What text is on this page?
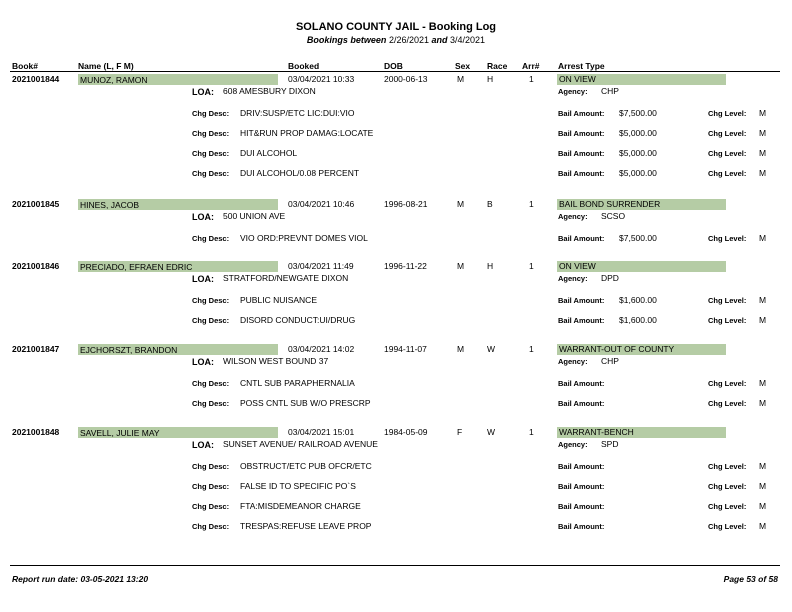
SOLANO COUNTY JAIL - Booking Log
Bookings between 2/26/2021 and 3/4/2021
Book#	Name (L, F M)	Booked	DOB	Sex Race Arr# Arrest Type
2021001844 MUNOZ, RAMON	03/04/2021 10:33	2000-06-13	M	H	1	ON VIEW
LOA: 608 AMESBURY DIXON	Agency: CHP
Chg Desc: DRIV:SUSP/ETC LIC:DUI:VIO	Bail Amount: $7,500.00	Chg Level: M
Chg Desc: HIT&RUN PROP DAMAG:LOCATE	Bail Amount: $5,000.00	Chg Level: M
Chg Desc: DUI ALCOHOL	Bail Amount: $5,000.00	Chg Level: M
Chg Desc: DUI ALCOHOL/0.08 PERCENT	Bail Amount: $5,000.00	Chg Level: M
2021001845 HINES, JACOB	03/04/2021 10:46	1996-08-21	M	B	1	BAIL BOND SURRENDER
LOA: 500 UNION AVE	Agency: SCSO
Chg Desc: VIO ORD:PREVNT DOMES VIOL	Bail Amount: $7,500.00	Chg Level: M
2021001846 PRECIADO, EFRAEN EDRIC	03/04/2021 11:49	1996-11-22	M	H	1	ON VIEW
LOA: STRATFORD/NEWGATE DIXON	Agency: DPD
Chg Desc: PUBLIC NUISANCE	Bail Amount: $1,600.00	Chg Level: M
Chg Desc: DISORD CONDUCT:UI/DRUG	Bail Amount: $1,600.00	Chg Level: M
2021001847 EJCHORSZT, BRANDON	03/04/2021 14:02	1994-11-07	M	W	1	WARRANT-OUT OF COUNTY
LOA: WILSON WEST BOUND 37	Agency: CHP
Chg Desc: CNTL SUB PARAPHERNALIA	Bail Amount:	Chg Level: M
Chg Desc: POSS CNTL SUB W/O PRESCRP	Bail Amount:	Chg Level: M
2021001848 SAVELL, JULIE MAY	03/04/2021 15:01	1984-05-09	F	W	1	WARRANT-BENCH
LOA: SUNSET AVENUE/ RAILROAD AVENUE	Agency: SPD
Chg Desc: OBSTRUCT/ETC PUB OFCR/ETC	Bail Amount:	Chg Level: M
Chg Desc: FALSE ID TO SPECIFIC PO`S	Bail Amount:	Chg Level: M
Chg Desc: FTA:MISDEMEANOR CHARGE	Bail Amount:	Chg Level: M
Chg Desc: TRESPAS:REFUSE LEAVE PROP	Bail Amount:	Chg Level: M
Report run date: 03-05-2021 13:20	Page 53 of 58
